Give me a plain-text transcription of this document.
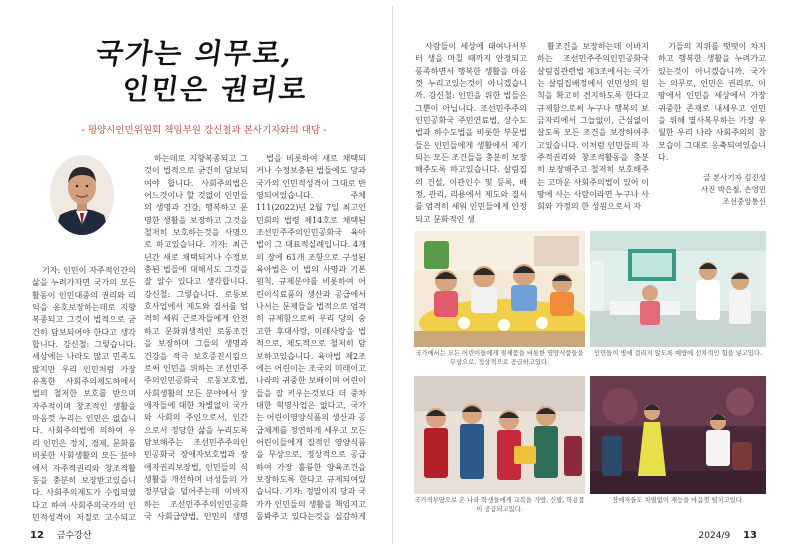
국가는 의무로,
인민은 권리로
- 평양시인민위원회 책임부원 강신철과 본사기자와의 대담 -

기자: 인민이 자주적인간의 삶을 누려가자면 국가의 모든 활동이 인민대중의 권리와 리익을 옹호보장하는데로 지향복종되고 그것이 법적으로 굳건히 담보되어야 한다고 생각합니다. 강신철: 그렇습니다. 세상에는 나라도 많고 민족도 많지만 우리 인민처럼 가장 유혹한 사회주의제도하에서 법의 철저한 보호를 받으며 자주적이며 창조적인 생활을 마음껏 누리는 인민은 없습니다. 사회주의법에 의하여 우리 인민은 정치, 경제, 문화를 비롯한 사회생활의 모든 분야에서 자주적권리와 창조적활동을 충분히 보장받고있습니다. 사회주의제도가 수립되였다고 하여 사회주의국가의 인민적성격이 저절로 고수되고

하는데로 지향복종되고 그것이 법적으로 굳건히 담보되여야 합니다. 사회주의법은 어느것이나 할 것없이 인민들의 생명과 건강, 행복하고 문명한 생활을 보장하고 그것을 철저히 보호하는것을 사명으로 하고있습니다. 기자: 최근년간 새로 채택되거나 수정보충된 법들에 대해서도 그것을 잘 알수 있다고 생각합니다. 강신철: 그렇습니다. 로동보호사업에서 제도와 질서를 엄격히 세워 근로자들에게 안전하고 문화위생적인 로동조건을 보장하며 그들의 생명과 건강을 적극 보호증진시킴으로써 인민을 위하는 조선민주주의인민공화국 로동보호법, 사회생활의 모든 분야에서 장애자들에 대한 차별없이 국가와 사회의 주인으로서, 인간으로서 정당한 삶을 누리도록 담보해주는 조선민주주의인민공화국 장애자보호법과 장애자권리보장법, 인민들의 식생활을 개선하며 녀성들의 가정부담을 덜어주는데 이바지하는 조선민주주의인민공화국 사회급양법, 인민의 생명

법을 비롯하여 새로 채택되거나 수정보충된 법들에도 당과 국가의 인민적성격이 그대로 반영되어있습니다. 주체111(2022)년 2월 7일 최고인민회의 법령 제14호로 채택된 조선민주주의인민공화국 육아법이 그 대표적실례입니다. 4개의 장에 61개 조항으로 구성된 육아법은 이 법의 사명과 기본원칙, 규제분야를 비롯하여 어린이식료품의 생산과 공급에서 나서는 문제들을 법적으로 엄격히 규제함으로써 우리 당의 숭고한 후대사랑, 미래사랑을 법적으로, 제도적으로 철저히 담보하고있습니다. 육아법 제2조에는 어린이는 조국의 미래이고 나라의 귀중한 보배이며 어린이들을 잘 키우는것보다 더 중차대한 혁명사업은 없다고, 국가는 어린이영양식품의 생산과 공급체계를 정연하게 세우고 모든 어린이들에게 질적인 영양식품을 무상으로, 정상적으로 공급하여 가장 훌륭한 양육조건을 보장하도록 한다고 규제되여있습니다. 기자: 정말이지 당과 국가가 인민들의 생활을 책임지고 돌봐주고 있다는것을 실감하게

12 금수강산

사람들이 세상에 태여나서부터 생을 마칠 때까지 안정되고 풍족하면서 행복한 생활을 마음껏 누리고있는것이 아니겠습니까. 강신철: 인민을 위한 법들은 그뿐이 아닙니다. 조선민주주의인민공화국 주민연료법, 상수도법과 하수도법을 비롯한 부문법들은 인민들에게 생활에서 제기되는 모든 조건들을 충분히 보장해주도록 하고있습니다. 살림집의 건설, 이관인수 및 등록, 배정, 관리, 리용에서 제도와 질서를 엄격히 세워 인민들에게 안정되고 문화적인 생

활조건을 보장하는데 이바지하는 조선민주주의인민공화국 살림집관련법 제3조에서는 국가는 살림집배정에서 인민성의 원칙을 확고히 견지하도록 한다고 규제함으로써 누구나 행복의 보금자리에서 그늘없이, 근심없이 살도록 모든 조건을 보장하여주고있습니다. 이처럼 인민들의 자주적권리와 창조적활동을 충분히 보장해주고 철저히 보호해주는 고마운 사회주의법이 있어 이 땅에 사는 사람이라면 누구나 사회와 가정의 한 성원으로서 자

기들의 지위를 떳떳이 차지하고 행복한 생활을 누려가고있는것이 아니겠습니까. 국가는 의무로, 인민은 권리로. 이 땅에서 인민을 세상에서 가장 귀중한 존재로 내세우고 인민을 위해 멸사복무하는 가장 우월한 우리 나라 사회주의의 참모습이 그대로 응축되여있습니다.

글 본사기자 김진성
사진 박은철, 손영민
조선중앙통신
국가에서는 모든 어린이들에게 젖제품을 비롯한 영양식품들을 무상으로, 정상적으로 공급하고있다.
인민들이 병에 걸리지 않도록 예방에 선차적인 힘을 넣고있다.
국가적부담으로 온 나라 학생들에게 교복을 가방, 신발, 학용품이 공급되고있다.
장애자들도 차별없이 재능을 마음껏 떨치고있다.
2024/9 13
